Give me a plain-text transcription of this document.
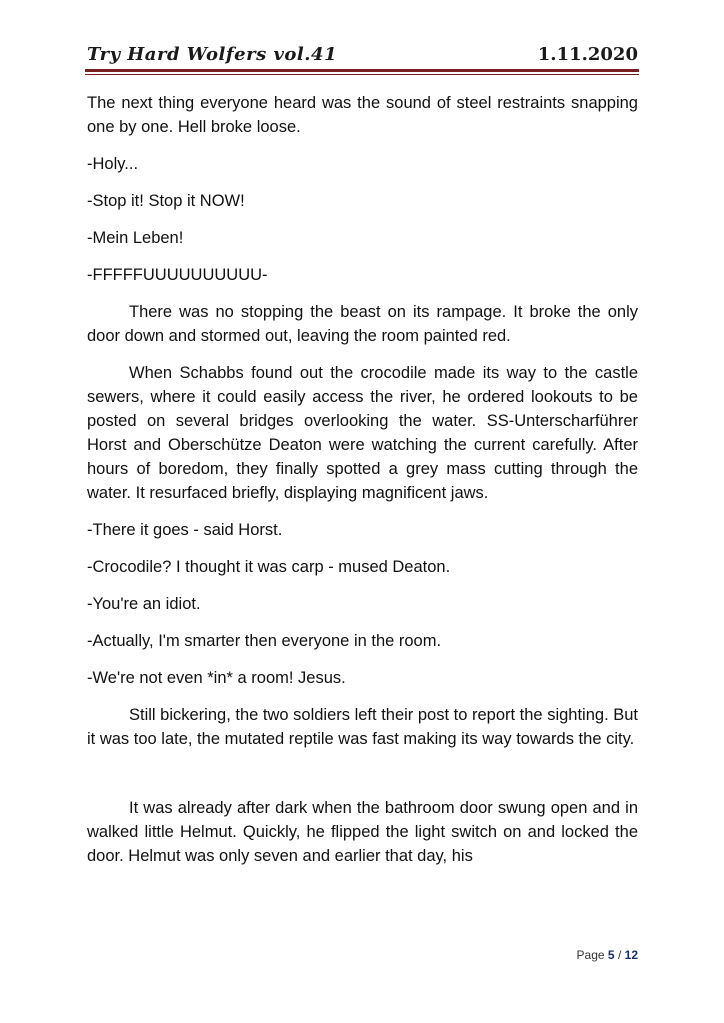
Try Hard Wolfers vol.41	1.11.2020

The next thing everyone heard was the sound of steel restraints snapping one by one. Hell broke loose.

-Holy...

-Stop it! Stop it NOW!

-Mein Leben!

-FFFFFUUUUUUUUUU-

There was no stopping the beast on its rampage. It broke the only door down and stormed out, leaving the room painted red.

When Schabbs found out the crocodile made its way to the castle sewers, where it could easily access the river, he ordered lookouts to be posted on several bridges overlooking the water. SS-Unterscharführer Horst and Oberschütze Deaton were watching the current carefully. After hours of boredom, they finally spotted a grey mass cutting through the water. It resurfaced briefly, displaying magnificent jaws.

-There it goes - said Horst.

-Crocodile? I thought it was carp - mused Deaton.

-You're an idiot.

-Actually, I'm smarter then everyone in the room.

-We're not even *in* a room! Jesus.

Still bickering, the two soldiers left their post to report the sighting. But it was too late, the mutated reptile was fast making its way towards the city.

It was already after dark when the bathroom door swung open and in walked little Helmut. Quickly, he flipped the light switch on and locked the door. Helmut was only seven and earlier that day, his

Page 5 / 12
